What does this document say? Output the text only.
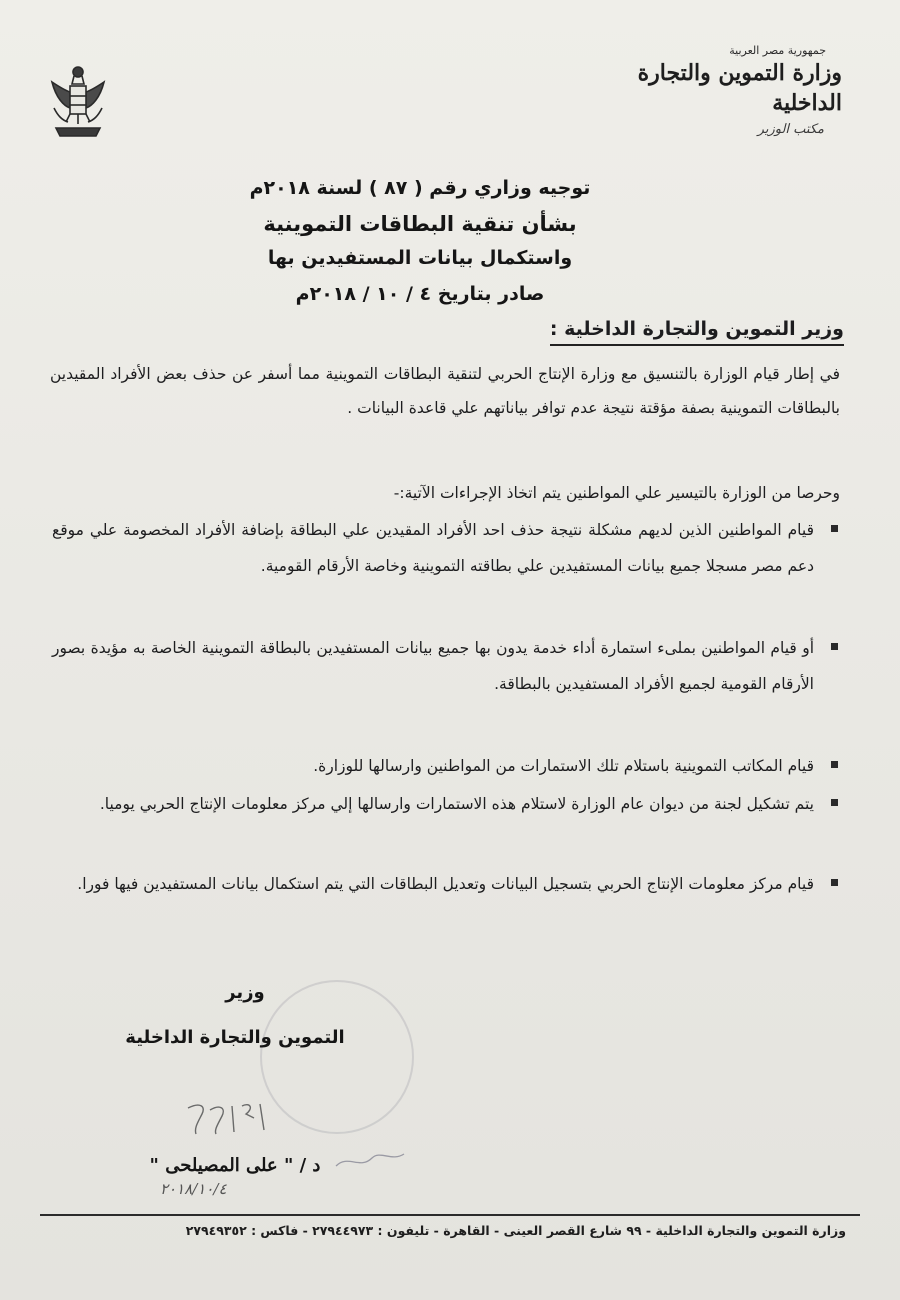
جمهورية مصر العربية
وزارة التموين والتجارة الداخلية
مكتب الوزير
توجيه وزاري رقم ( ٨٧ ) لسنة ٢٠١٨م
بشأن تنقية البطاقات التموينية
واستكمال بيانات المستفيدين بها
صادر بتاريخ ٤ / ١٠ / ٢٠١٨م
وزير التموين والتجارة الداخلية :
في إطار قيام الوزارة بالتنسيق مع وزارة الإنتاج الحربي لتنقية البطاقات التموينية مما أسفر عن حذف بعض الأفراد المقيدين بالبطاقات التموينية بصفة مؤقتة نتيجة عدم توافر بياناتهم علي قاعدة البيانات .
وحرصا من الوزارة بالتيسير علي المواطنين يتم اتخاذ الإجراءات الآتية:-
قيام المواطنين الذين لديهم مشكلة نتيجة حذف احد الأفراد المقيدين علي البطاقة بإضافة الأفراد المخصومة علي موقع دعم مصر مسجلا جميع بيانات المستفيدين علي بطاقته التموينية وخاصة الأرقام القومية.
أو قيام المواطنين بملىء استمارة أداء خدمة يدون بها جميع بيانات المستفيدين بالبطاقة التموينية الخاصة به مؤيدة بصور الأرقام القومية لجميع الأفراد المستفيدين بالبطاقة.
قيام المكاتب التموينية باستلام تلك الاستمارات من المواطنين وارسالها للوزارة.
يتم تشكيل لجنة من ديوان عام الوزارة لاستلام هذه الاستمارات وارسالها إلي مركز معلومات الإنتاج الحربي يوميا.
قيام مركز معلومات الإنتاج الحربي بتسجيل البيانات وتعديل البطاقات التي يتم استكمال بيانات المستفيدين فيها فورا.
وزير
التموين والتجارة الداخلية
د / " على المصيلحى "
٢٠١٨/١٠/٤
وزارة التموين والتجارة الداخلية - ٩٩ شارع القصر العينى - القاهرة - تليفون : ٢٧٩٤٤٩٧٣ - فاكس : ٢٧٩٤٩٣٥٢
